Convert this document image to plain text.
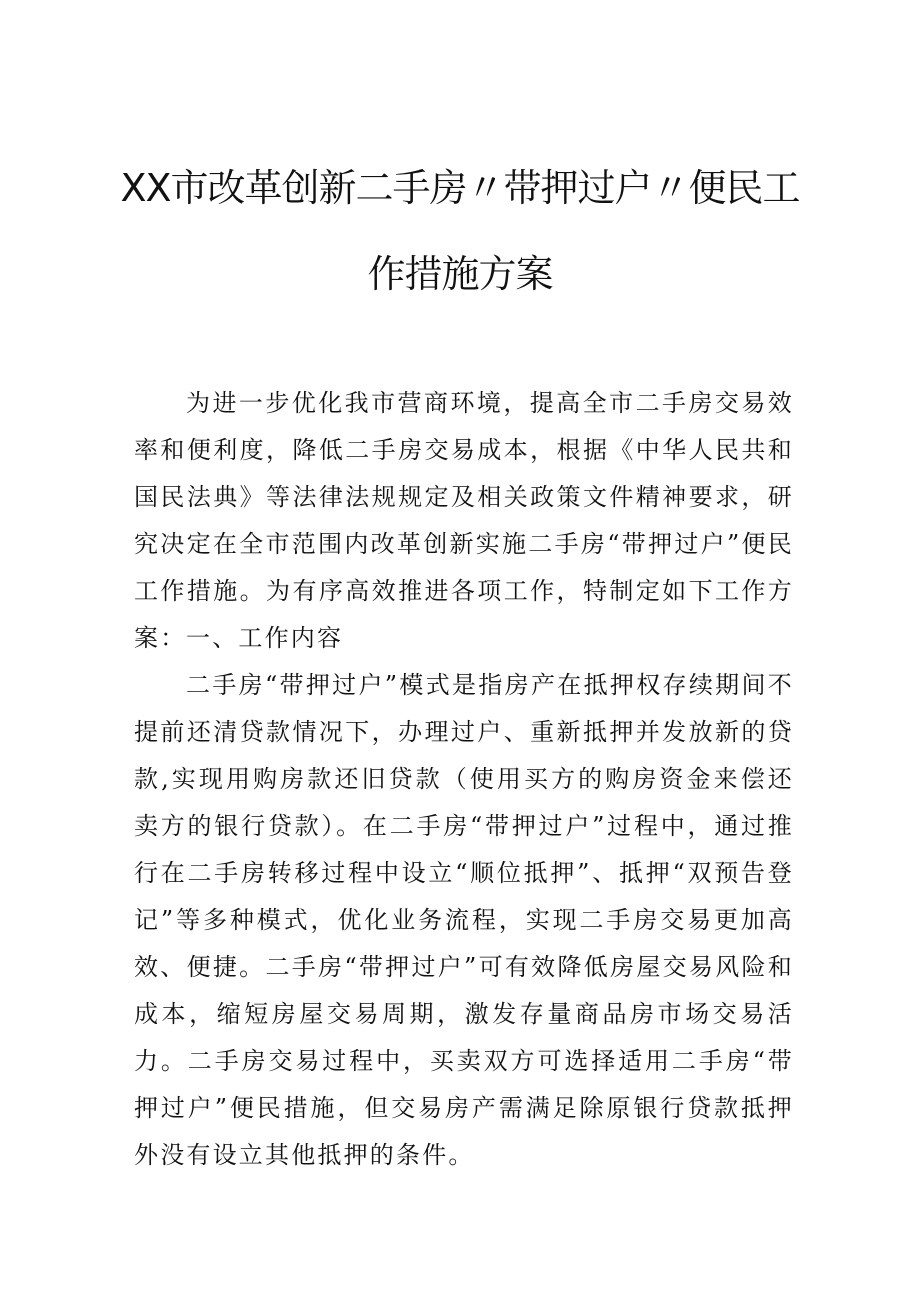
XX市改革创新二手房〃带押过户〃便民工
作措施方案

为进一步优化我市营商环境，提高全市二手房交易效率和便利度，降低二手房交易成本，根据《中华人民共和国民法典》等法律法规规定及相关政策文件精神要求，研究决定在全市范围内改革创新实施二手房“带押过户”便民工作措施。为有序高效推进各项工作，特制定如下工作方案： 一、工作内容

二手房“带押过户”模式是指房产在抵押权存续期间不提前还清贷款情况下，办理过户、重新抵押并发放新的贷款,实现用购房款还旧贷款（使用买方的购房资金来偿还卖方的银行贷款）。在二手房“带押过户”过程中，通过推行在二手房转移过程中设立“顺位抵押”、抵押“双预告登记”等多种模式，优化业务流程，实现二手房交易更加高效、便捷。二手房“带押过户”可有效降低房屋交易风险和成本，缩短房屋交易周期，激发存量商品房市场交易活力。二手房交易过程中，买卖双方可选择适用二手房“带押过户”便民措施，但交易房产需满足除原银行贷款抵押外没有设立其他抵押的条件。
